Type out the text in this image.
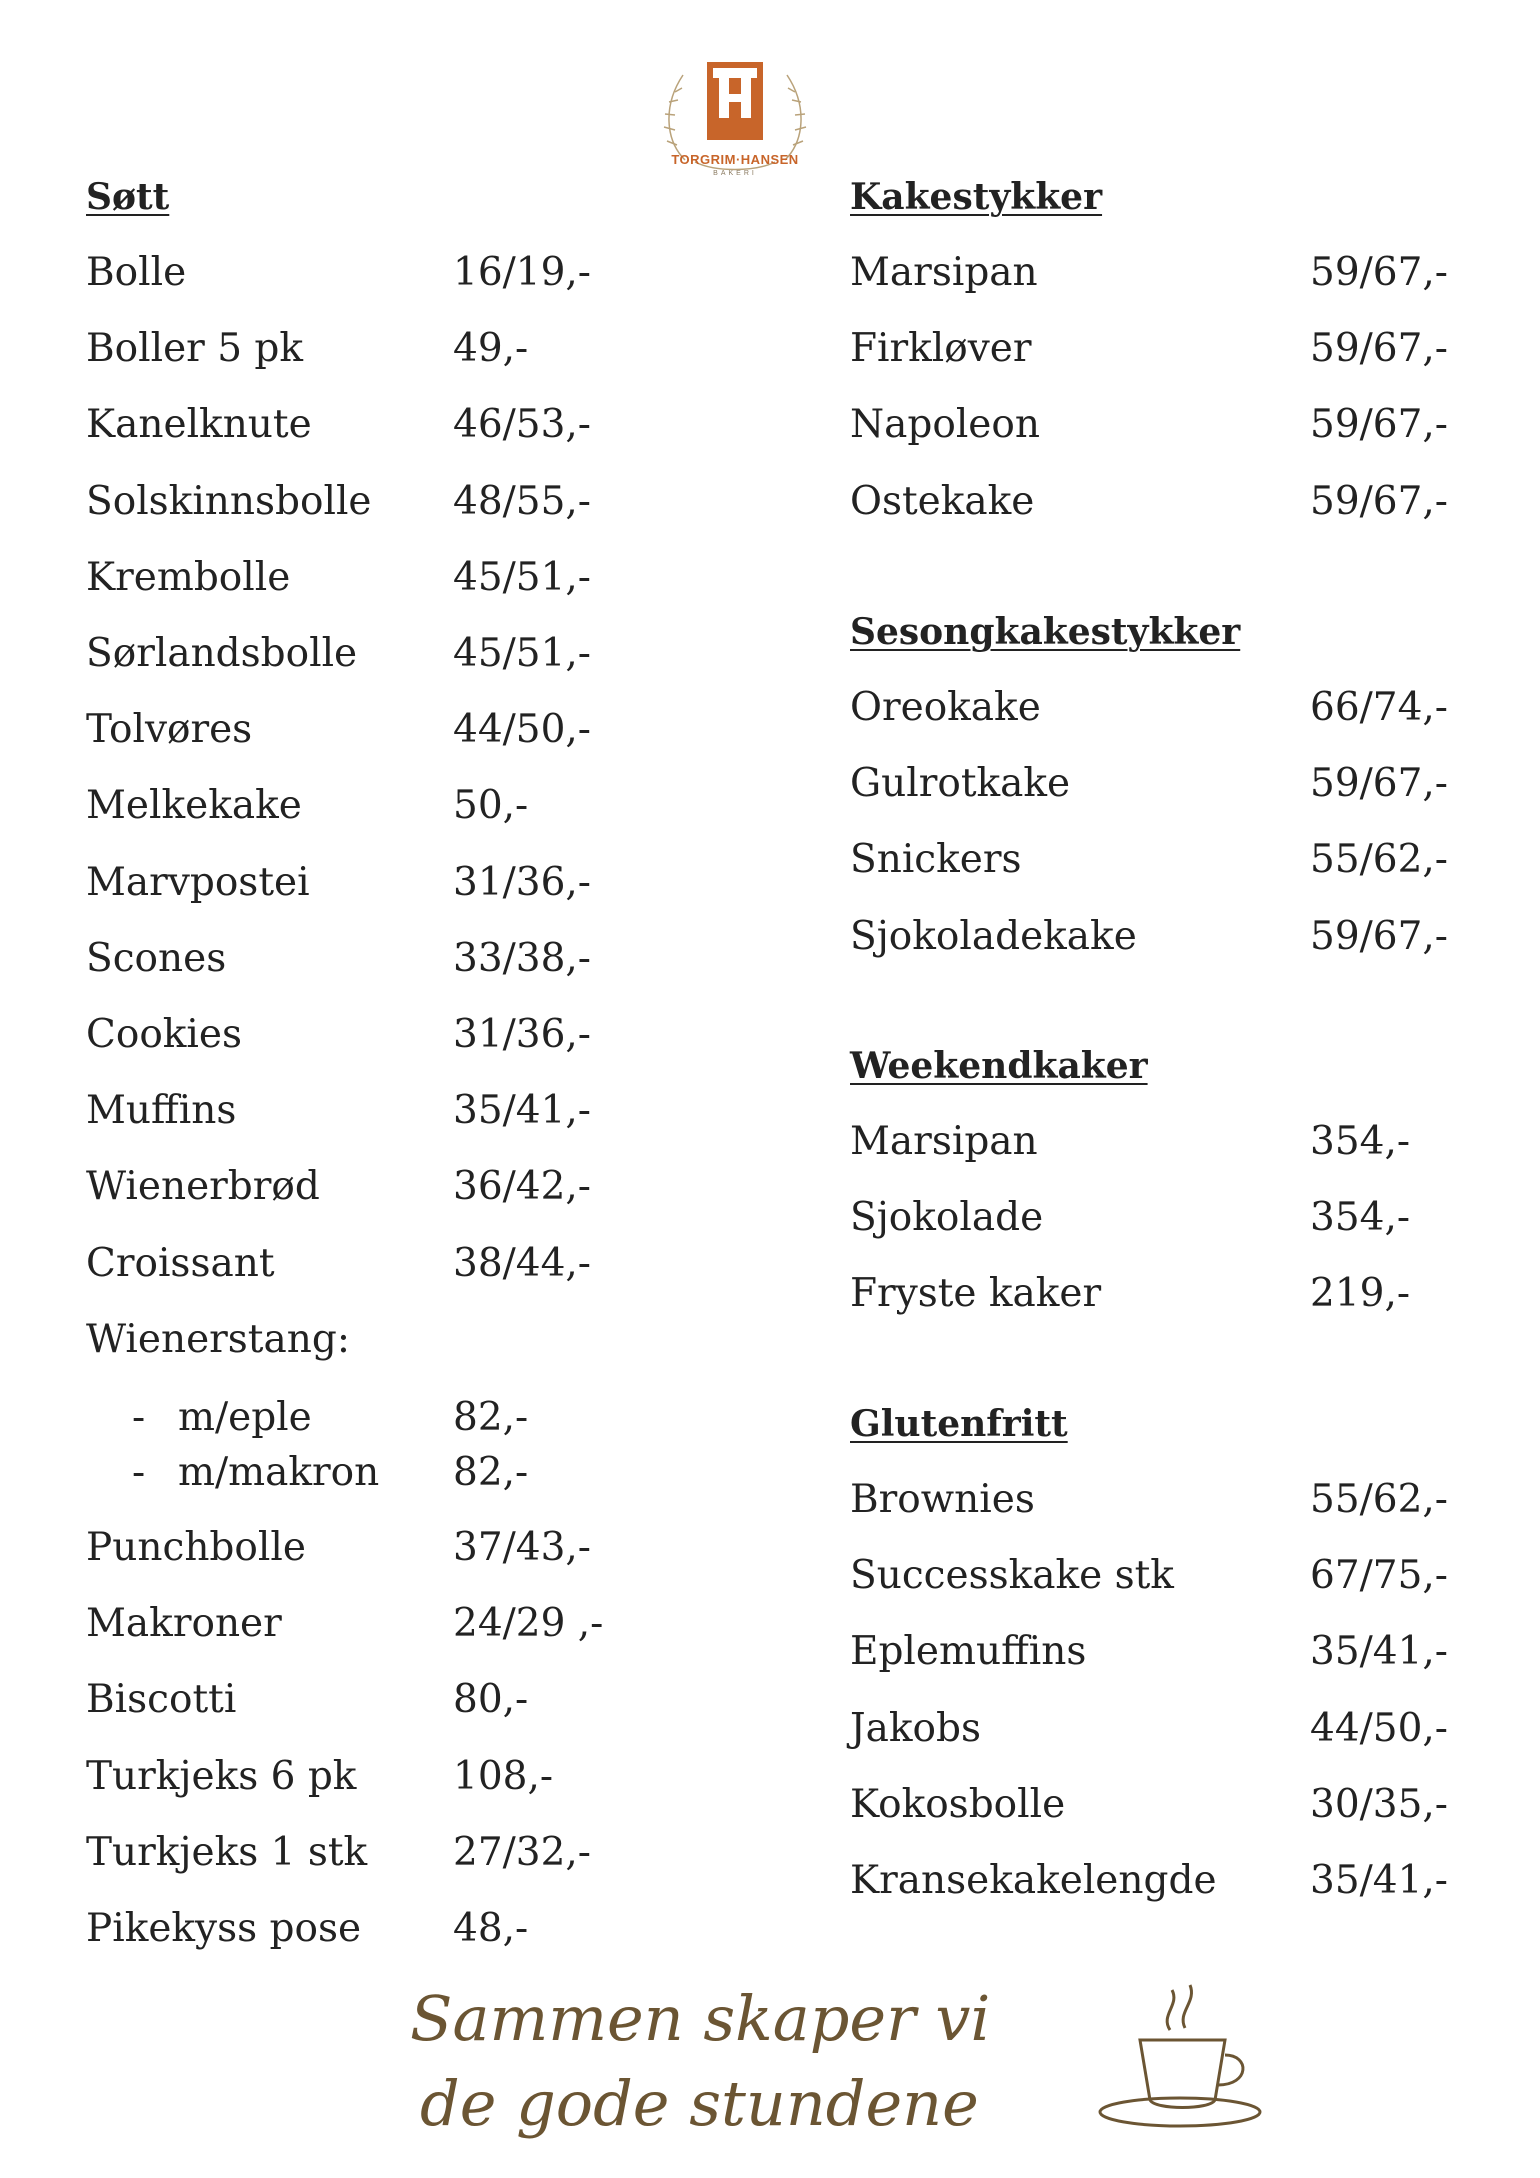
TORGRIM·HANSEN
BAKERI
Søtt
Bolle	16/19,-
Boller 5 pk	49,-
Kanelknute	46/53,-
Solskinnsbolle 48/55,-
Krembolle	45/51,-
Sørlandsbolle 45/51,-
Tolvøres	44/50,-
Melkekake	50,-
Marvpostei	31/36,-
Scones	33/38,-
Cookies	31/36,-
Muffins	35/41,-
Wienerbrød	36/42,-
Croissant	38/44,-
Wienerstang:
- m/eple	82,-
- m/makron 82,-
Punchbolle	37/43,-
Makroner	24/29 ,-
Biscotti	80,-
Turkjeks 6 pk 108,-
Turkjeks 1 stk 27/32,-
Pikekyss pose 48,-
Kakestykker
Marsipan	59/67,-
Firkløver	59/67,-
Napoleon	59/67,-
Ostekake	59/67,-
Sesongkakestykker
Oreokake	66/74,-
Gulrotkake	59/67,-
Snickers	55/62,-
Sjokoladekake	59/67,-
Weekendkaker
Marsipan	354,-
Sjokolade	354,-
Fryste kaker	219,-
Glutenfritt
Brownies	55/62,-
Successkake stk	67/75,-
Eplemuffins	35/41,-
Jakobs	44/50,-
Kokosbolle	30/35,-
Kransekakelengde 35/41,-
Sammen skaper vi
de gode stundene
